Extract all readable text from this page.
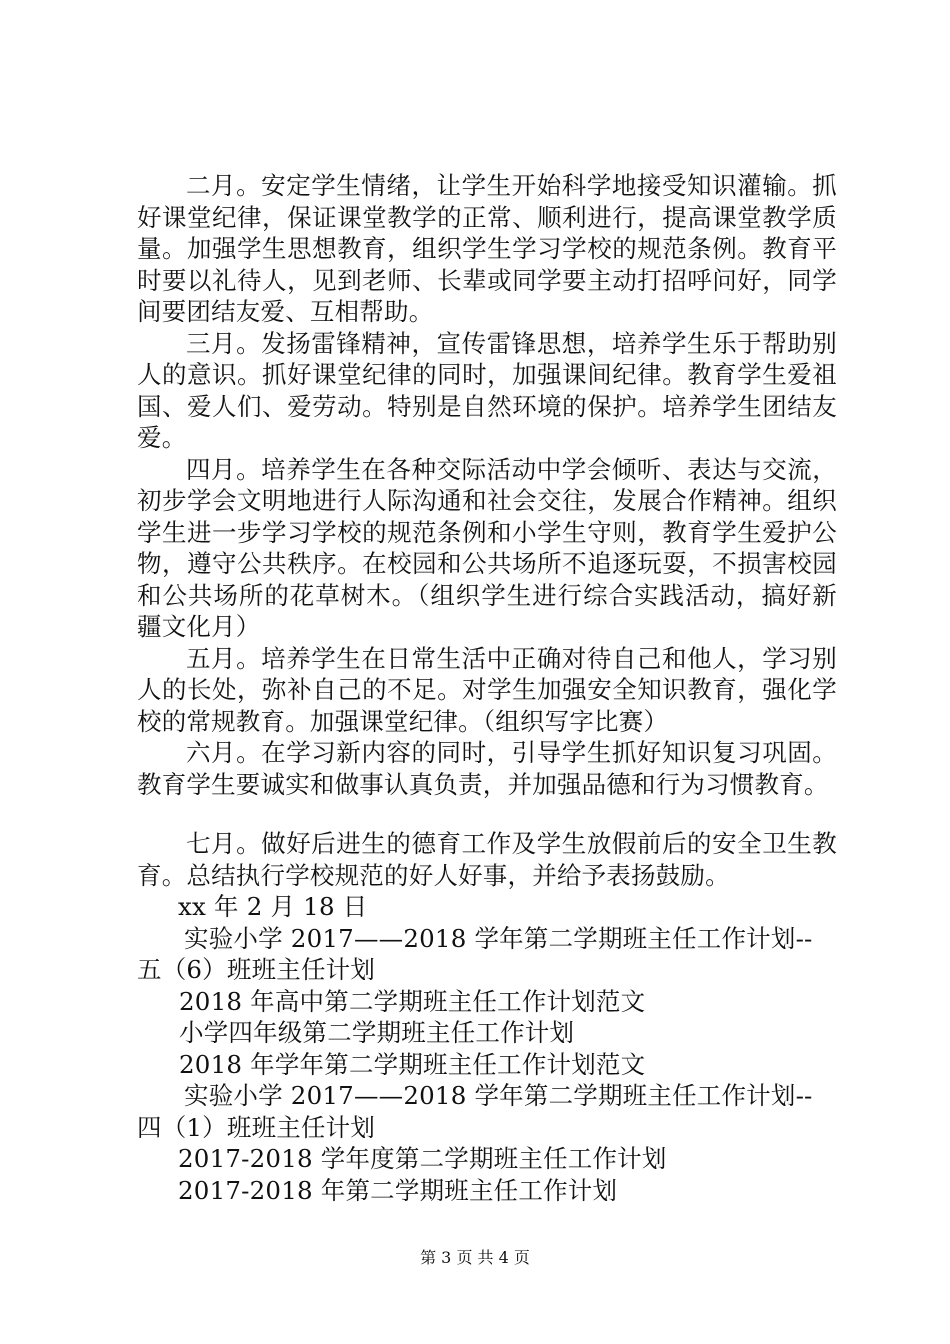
二月。安定学生情绪，让学生开始科学地接受知识灌输。抓好课堂纪律，保证课堂教学的正常、顺利进行，提高课堂教学质量。加强学生思想教育，组织学生学习学校的规范条例。教育平时要以礼待人，见到老师、长辈或同学要主动打招呼问好，同学间要团结友爱、互相帮助。

三月。发扬雷锋精神，宣传雷锋思想，培养学生乐于帮助别人的意识。抓好课堂纪律的同时，加强课间纪律。教育学生爱祖国、爱人们、爱劳动。特别是自然环境的保护。培养学生团结友爱。

四月。培养学生在各种交际活动中学会倾听、表达与交流，初步学会文明地进行人际沟通和社会交往，发展合作精神。组织学生进一步学习学校的规范条例和小学生守则，教育学生爱护公物，遵守公共秩序。在校园和公共场所不追逐玩耍，不损害校园和公共场所的花草树木。（组织学生进行综合实践活动，搞好新疆文化月）

五月。培养学生在日常生活中正确对待自己和他人，学习别人的长处，弥补自己的不足。对学生加强安全知识教育，强化学校的常规教育。加强课堂纪律。（组织写字比赛）

六月。在学习新内容的同时，引导学生抓好知识复习巩固。教育学生要诚实和做事认真负责，并加强品德和行为习惯教育。

七月。做好后进生的德育工作及学生放假前后的安全卫生教育。总结执行学校规范的好人好事，并给予表扬鼓励。

xx 年 2 月 18 日

实验小学 2017——2018 学年第二学期班主任工作计划--五（6）班班主任计划

2018 年高中第二学期班主任工作计划范文

小学四年级第二学期班主任工作计划

2018 年学年第二学期班主任工作计划范文

实验小学 2017——2018 学年第二学期班主任工作计划--四（1）班班主任计划

2017-2018 学年度第二学期班主任工作计划

2017-2018 年第二学期班主任工作计划

第 3 页 共 4 页
